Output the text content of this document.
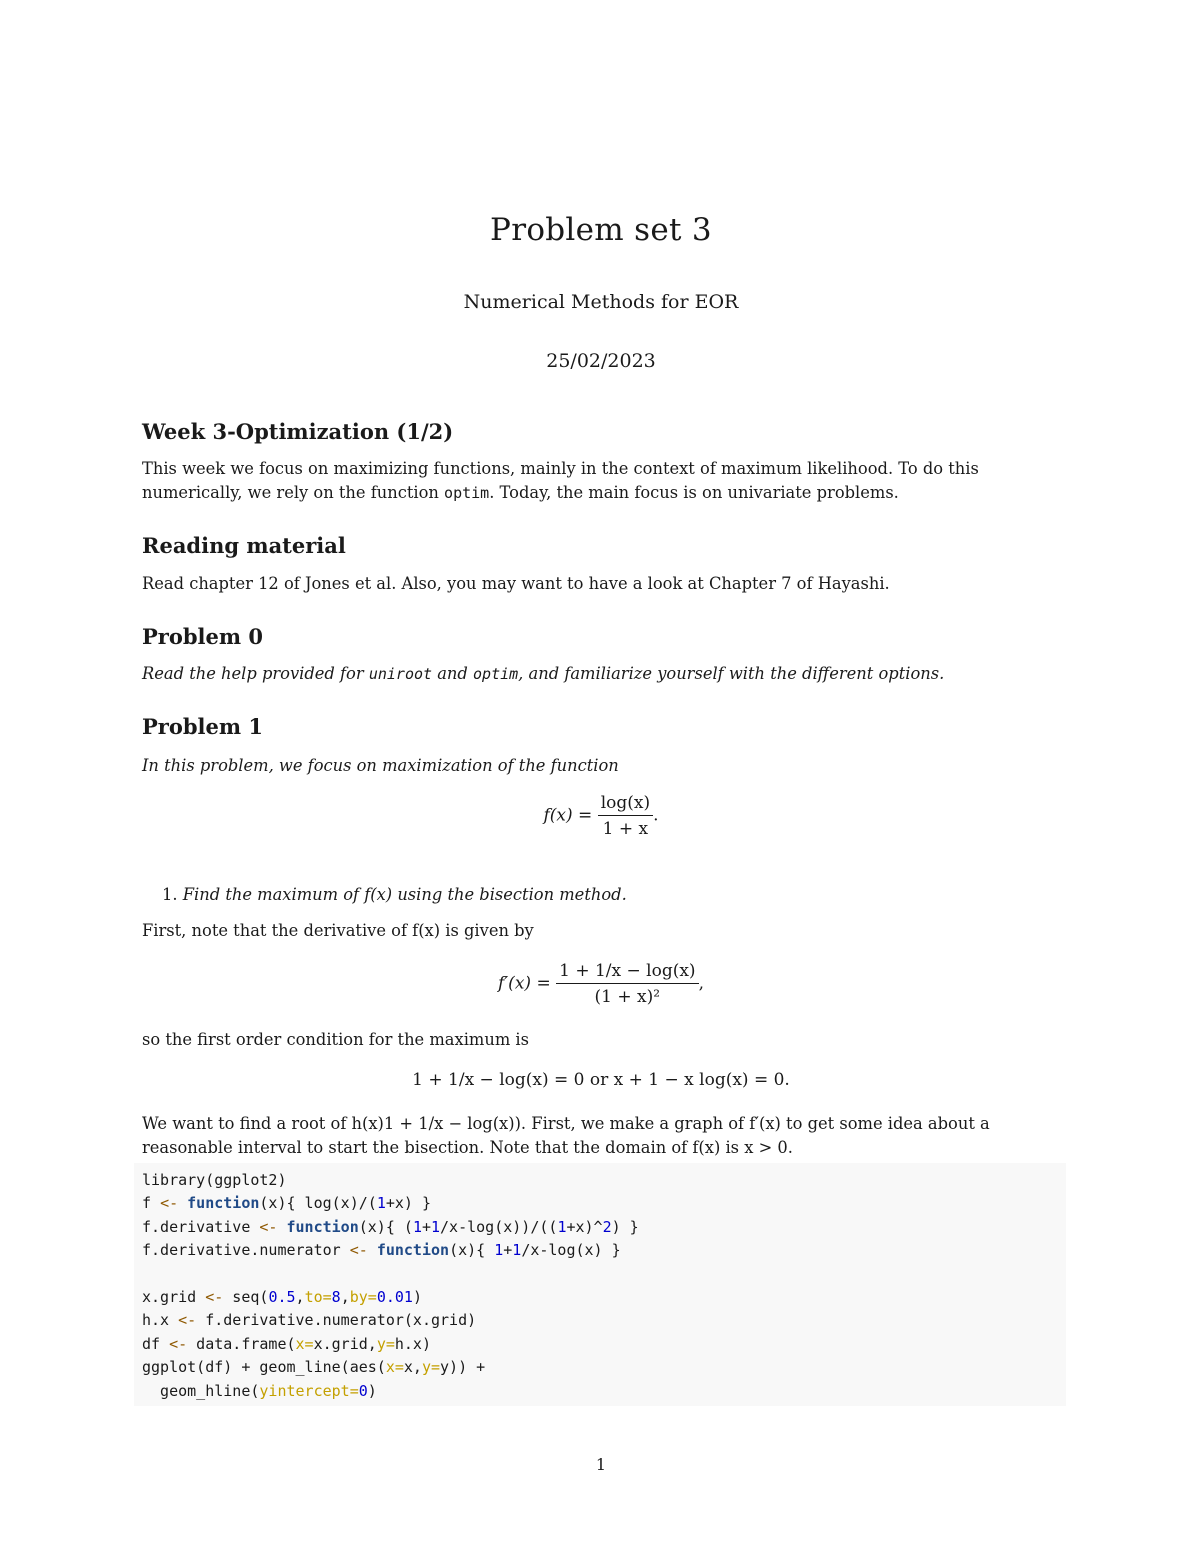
Problem set 3
Numerical Methods for EOR
25/02/2023
Week 3-Optimization (1/2)

This week we focus on maximizing functions, mainly in the context of maximum likelihood. To do this numerically, we rely on the function optim. Today, the main focus is on univariate problems.

Reading material

Read chapter 12 of Jones et al. Also, you may want to have a look at Chapter 7 of Hayashi.

Problem 0

Read the help provided for uniroot and optim, and familiarize yourself with the different options.

Problem 1

In this problem, we focus on maximization of the function

$f(x) = \frac{\log(x)}{1 + x}$ .
1. Find the maximum of f(x) using the bisection method.

First, note that the derivative of f(x) is given by

$f'(x) = \frac{1 + 1/x - \log(x)}{\text{(1 + x)²}}$ ,

so the first order condition for the maximum is

1 + 1/x − log(x) = 0 or x + 1 − x log(x) = 0.

We want to find a root of h(x)1 + 1/x − log(x)). First, we make a graph of f′(x) to get some idea about a

reasonable interval to start the bisection. Note that the domain of f(x) is x > 0.

library(ggplot2)
f <- function(x){ log(x)/(1+x) }
f.derivative <- function(x){ (1+1/x-log(x))/((1+x)^2) }
f.derivative.numerator <- function(x){ 1+1/x-log(x) }

x.grid <- seq(0.5,to=8,by=0.01)
h.x <- f.derivative.numerator(x.grid)
df <- data.frame(x=x.grid,y=h.x)
ggplot(df) + geom_line(aes(x=x,y=y)) +
geom_hline(yintercept=0)
1
